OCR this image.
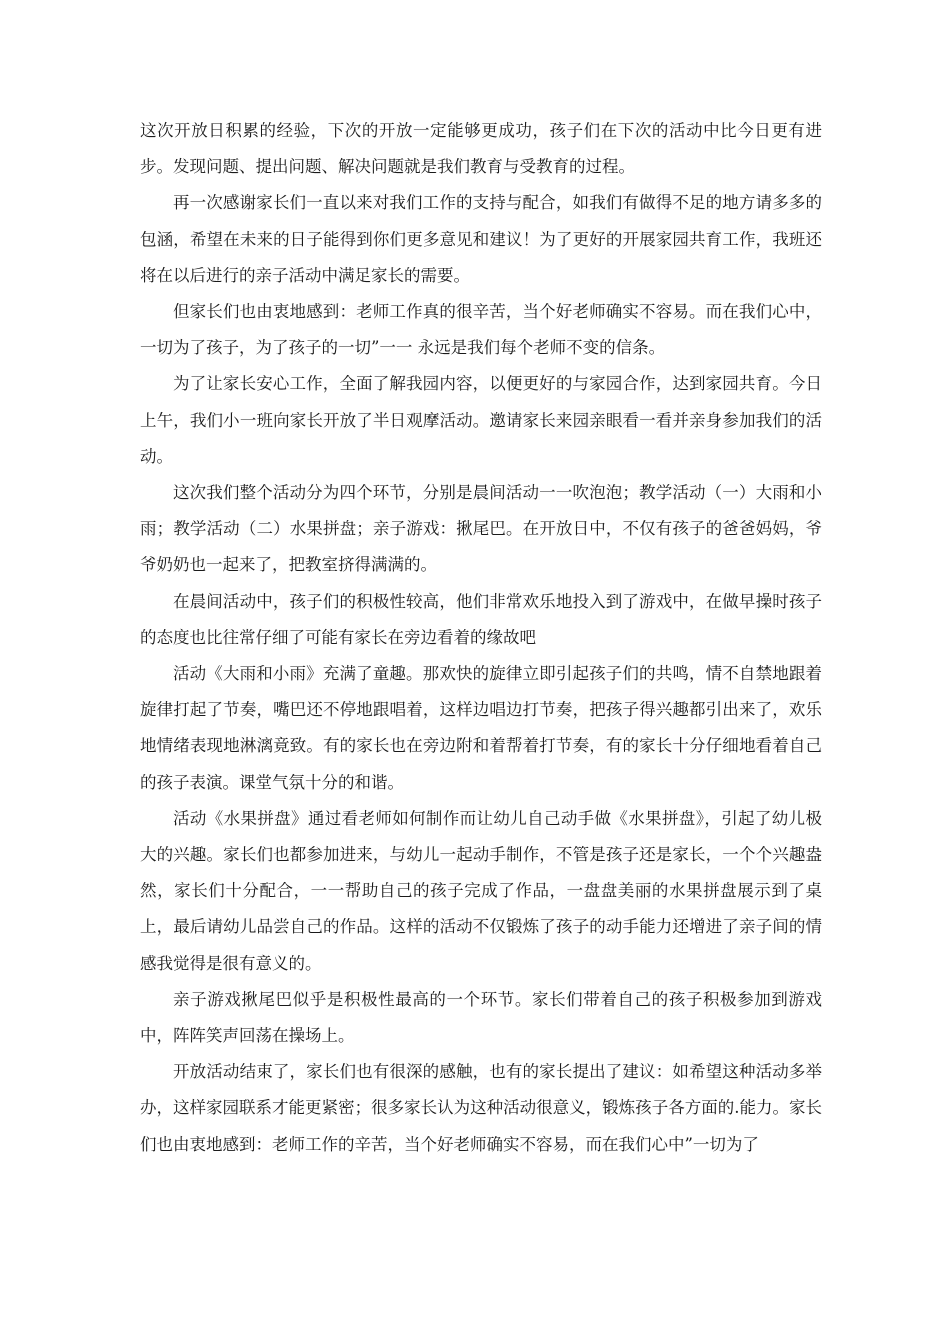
这次开放日积累的经验，下次的开放一定能够更成功，孩子们在下次的活动中比今日更有进步。发现问题、提出问题、解决问题就是我们教育与受教育的过程。

再一次感谢家长们一直以来对我们工作的支持与配合，如我们有做得不足的地方请多多的包涵，希望在未来的日子能得到你们更多意见和建议！为了更好的开展家园共育工作，我班还将在以后进行的亲子活动中满足家长的需要。

但家长们也由衷地感到：老师工作真的很辛苦，当个好老师确实不容易。而在我们心中，一切为了孩子，为了孩子的一切”一一 永远是我们每个老师不变的信条。

为了让家长安心工作，全面了解我园内容，以便更好的与家园合作，达到家园共育。今日上午，我们小一班向家长开放了半日观摩活动。邀请家长来园亲眼看一看并亲身参加我们的活动。

这次我们整个活动分为四个环节，分别是晨间活动一一吹泡泡；教学活动（一）大雨和小雨；教学活动（二）水果拼盘；亲子游戏：揪尾巴。在开放日中，不仅有孩子的爸爸妈妈，爷爷奶奶也一起来了，把教室挤得满满的。

在晨间活动中，孩子们的积极性较高，他们非常欢乐地投入到了游戏中，在做早操时孩子的态度也比往常仔细了可能有家长在旁边看着的缘故吧

活动《大雨和小雨》充满了童趣。那欢快的旋律立即引起孩子们的共鸣，情不自禁地跟着旋律打起了节奏，嘴巴还不停地跟唱着，这样边唱边打节奏，把孩子得兴趣都引出来了，欢乐地情绪表现地淋漓竟致。有的家长也在旁边附和着帮着打节奏，有的家长十分仔细地看着自己的孩子表演。课堂气氛十分的和谐。

活动《水果拼盘》通过看老师如何制作而让幼儿自己动手做《水果拼盘》，引起了幼儿极大的兴趣。家长们也都参加进来，与幼儿一起动手制作，不管是孩子还是家长，一个个兴趣盎然，家长们十分配合，一一帮助自己的孩子完成了作品，一盘盘美丽的水果拼盘展示到了桌上，最后请幼儿品尝自己的作品。这样的活动不仅锻炼了孩子的动手能力还增进了亲子间的情感我觉得是很有意义的。

亲子游戏揪尾巴似乎是积极性最高的一个环节。家长们带着自己的孩子积极参加到游戏中，阵阵笑声回荡在操场上。

开放活动结束了，家长们也有很深的感触，也有的家长提出了建议：如希望这种活动多举办，这样家园联系才能更紧密；很多家长认为这种活动很意义，锻炼孩子各方面的.能力。家长们也由衷地感到：老师工作的辛苦，当个好老师确实不容易，而在我们心中”一切为了
